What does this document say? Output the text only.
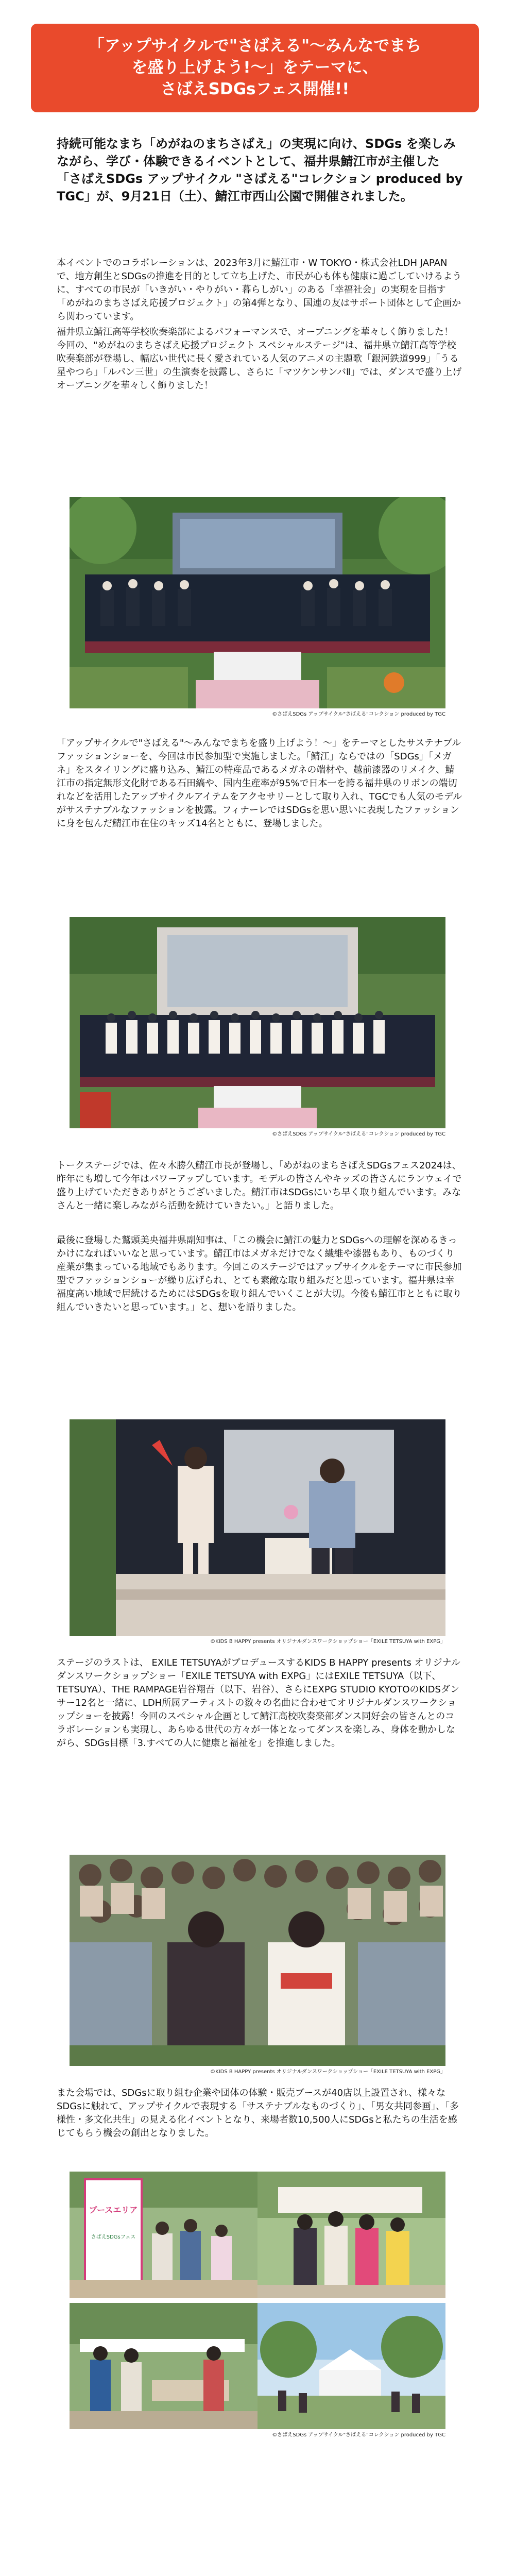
「アップサイクルで"さばえる"〜みんなでまち
を盛り上げよう!〜」をテーマに、
さばえSDGsフェス開催!!
持続可能なまち「めがねのまちさばえ」の実現に向け、SDGs を楽しみながら、学び・体験できるイベントとして、福井県鯖江市が主催した「さばえSDGs アップサイクル "さばえる"コレクション produced by TGC」が、9月21日（土）、鯖江市西山公園で開催されました。
本イベントでのコラボレーションは、2023年3月に鯖江市・W TOKYO・株式会社LDH JAPANで、地方創生とSDGsの推進を目的として立ち上げた、市民が心も体も健康に過ごしていけるように、すべての市民が「いきがい・やりがい・暮らしがい」のある「幸福社会」の実現を目指す「めがねのまちさばえ応援プロジェクト」の第4弾となり、国連の友はサポート団体として企画から関わっています。
福井県立鯖江高等学校吹奏楽部によるパフォーマンスで、オープニングを華々しく飾りました！
今回の、"めがねのまちさばえ応援プロジェクト スペシャルステージ"は、福井県立鯖江高等学校吹奏楽部が登場し、幅広い世代に長く愛されている人気のアニメの主題歌「銀河鉄道999」「うる星やつら」「ルパン三世」の生演奏を披露し、さらに「マツケンサンバⅡ」では、ダンスで盛り上げオープニングを華々しく飾りました！
©さばえSDGs アップサイクル"さばえる"コレクション produced by TGC
「アップサイクルで"さばえる"〜みんなでまちを盛り上げよう！〜」をテーマとしたサステナブルファッションショーを、今回は市民参加型で実施しました。「鯖江」ならではの「SDGs」「メガネ」をスタイリングに盛り込み、鯖江の特産品であるメガネの端材や、越前漆器のリメイク、鯖江市の指定無形文化財である石田縞や、国内生産率が95%で日本一を誇る福井県のリボンの端切れなどを活用したアップサイクルアイテムをアクセサリーとして取り入れ、TGCでも人気のモデルがサステナブルなファッションを披露。フィナーレではSDGsを思い思いに表現したファッションに身を包んだ鯖江市在住のキッズ14名とともに、登場しました。
©さばえSDGs アップサイクル"さばえる"コレクション produced by TGC
トークステージでは、佐々木勝久鯖江市長が登場し、「めがねのまちさばえSDGsフェス2024は、昨年にも増して今年はパワーアップしています。モデルの皆さんやキッズの皆さんにランウェイで盛り上げていただきありがとうございました。鯖江市はSDGsにいち早く取り組んでいます。みなさんと一緒に楽しみながら活動を続けていきたい。」と語りました。
最後に登場した鷲頭美央福井県副知事は、「この機会に鯖江の魅力とSDGsへの理解を深めるきっかけになればいいなと思っています。鯖江市はメガネだけでなく繊維や漆器もあり、ものづくり産業が集まっている地域でもあります。今回このステージではアップサイクルをテーマに市民参加型でファッションショーが繰り広げられ、とても素敵な取り組みだと思っています。福井県は幸福度高い地域で居続けるためにはSDGsを取り組んでいくことが大切。今後も鯖江市とともに取り組んでいきたいと思っています。」と、想いを語りました。
©KIDS B HAPPY presents オリジナルダンスワークショップショー「EXILE TETSUYA with EXPG」
ステージのラストは、 EXILE TETSUYAがプロデュースするKIDS B HAPPY presents オリジナルダンスワークショップショー「EXILE TETSUYA with EXPG」にはEXILE TETSUYA（以下、TETSUYA）、THE RAMPAGE岩谷翔吾（以下、岩谷）、さらにEXPG STUDIO KYOTOのKIDSダンサー12名と一緒に、LDH所属アーティストの数々の名曲に合わせてオリジナルダンスワークショップショーを披露！今回のスペシャル企画として鯖江高校吹奏楽部ダンス同好会の皆さんとのコラボレーションも実現し、あらゆる世代の方々が一体となってダンスを楽しみ、身体を動かしながら、SDGs目標「3.すべての人に健康と福祉を」を推進しました。
©KIDS B HAPPY presents オリジナルダンスワークショップショー「EXILE TETSUYA with EXPG」
また会場では、SDGsに取り組む企業や団体の体験・販売ブースが40店以上設置され、様々なSDGsに触れて、アップサイクルで表現する「サステナブルなものづくり」、「男女共同参画」、「多様性・多文化共生」の見える化イベントとなり、来場者数10,500人にSDGsと私たちの生活を感じてもらう機会の創出となりました。
ブースエリア
さばえSDGsフェス
©さばえSDGs アップサイクル"さばえる"コレクション produced by TGC
